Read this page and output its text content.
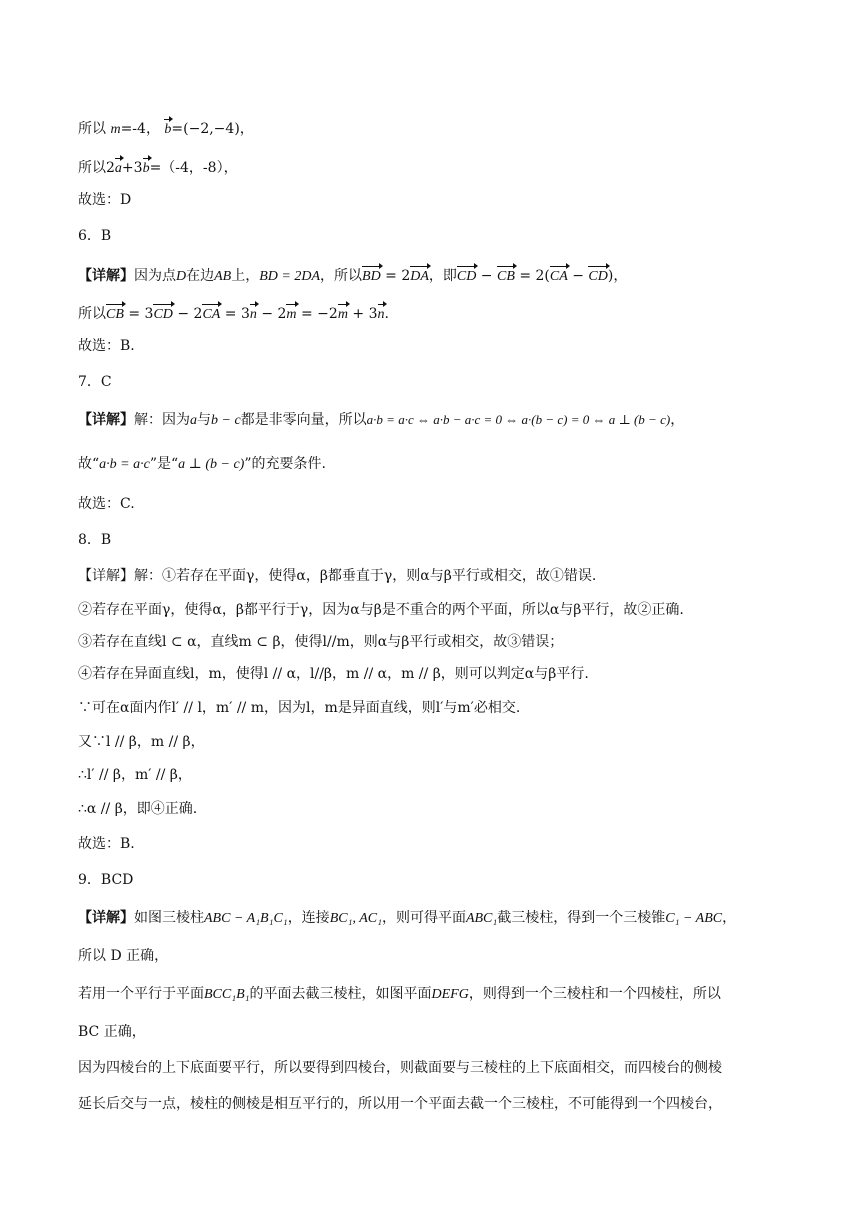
所以 m=-4， b=(−2,−4)，
所以2a+3b=（-4，-8），
故选：D
6．B
【详解】因为点D在边AB上，BD = 2DA，所以BD = 2DA，即CD − CB = 2(CA − CD)，
所以CB = 3CD − 2CA = 3n − 2m = −2m + 3n.
故选：B.
7．C
【详解】解：因为a与b − c都是非零向量，所以a·b = a·c ⇔ a·b − a·c = 0 ⇔ a·(b − c) = 0 ⇔ a ⊥ (b − c)，
故“a·b = a·c”是“a ⊥ (b − c)”的充要条件.
故选：C.
8．B
【详解】解：①若存在平面γ，使得α，β都垂直于γ，则α与β平行或相交，故①错误.
②若存在平面γ，使得α，β都平行于γ，因为α与β是不重合的两个平面，所以α与β平行，故②正确.
③若存在直线l ⊂ α，直线m ⊂ β，使得l//m，则α与β平行或相交，故③错误；
④若存在异面直线l，m，使得l // α，l//β，m // α，m // β，则可以判定α与β平行.
∵可在α面内作l′ // l，m′ // m，因为l，m是异面直线，则l′与m′必相交.
又∵l // β，m // β，
∴l′ // β，m′ // β，
∴α // β，即④正确.
故选：B.
9．BCD
【详解】如图三棱柱ABC − A₁B₁C₁，连接BC₁, AC₁，则可得平面ABC₁截三棱柱，得到一个三棱锥C₁ − ABC，
所以 D 正确，
若用一个平行于平面BCC₁B₁的平面去截三棱柱，如图平面DEFG，则得到一个三棱柱和一个四棱柱，所以
BC 正确，
因为四棱台的上下底面要平行，所以要得到四棱台，则截面要与三棱柱的上下底面相交，而四棱台的侧棱
延长后交与一点，棱柱的侧棱是相互平行的，所以用一个平面去截一个三棱柱，不可能得到一个四棱台，
